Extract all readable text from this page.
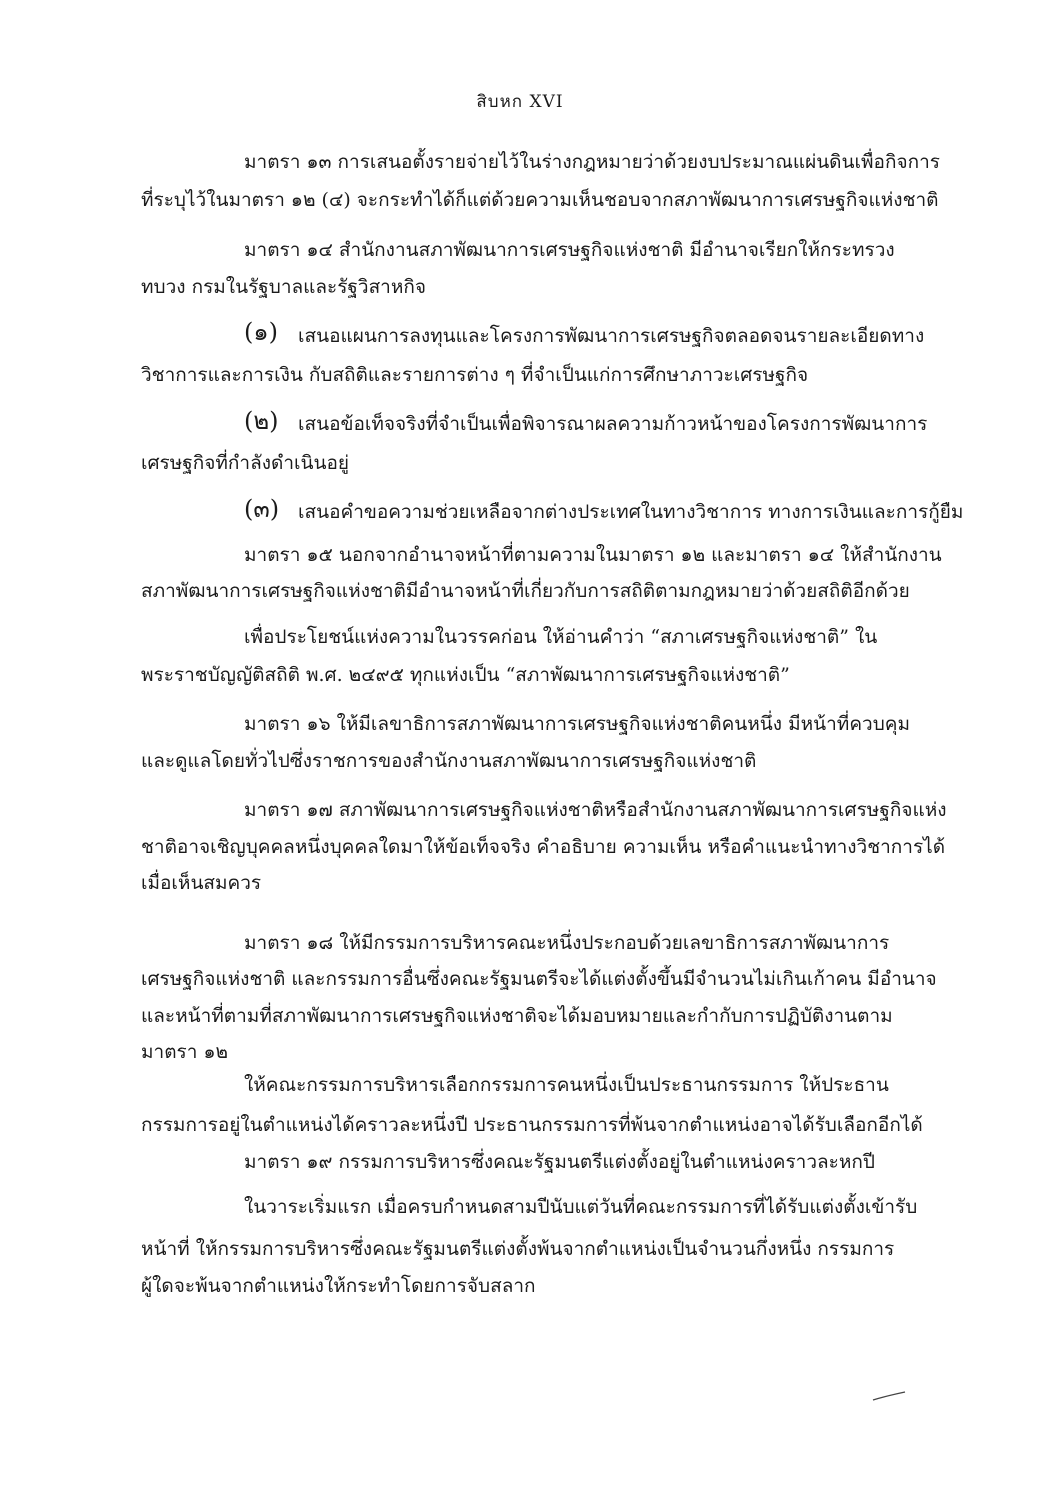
สิบหก XVI
มาตรา ๑๓ การเสนอตั้งรายจ่ายไว้ในร่างกฎหมายว่าด้วยงบประมาณแผ่นดินเพื่อกิจการ
ที่ระบุไว้ในมาตรา ๑๒ (๔) จะกระทำได้ก็แต่ด้วยความเห็นชอบจากสภาพัฒนาการเศรษฐกิจแห่งชาติ
มาตรา ๑๔ สำนักงานสภาพัฒนาการเศรษฐกิจแห่งชาติ มีอำนาจเรียกให้กระทรวง
ทบวง กรมในรัฐบาลและรัฐวิสาหกิจ
(๑) เสนอแผนการลงทุนและโครงการพัฒนาการเศรษฐกิจตลอดจนรายละเอียดทาง
วิชาการและการเงิน กับสถิติและรายการต่าง ๆ ที่จำเป็นแก่การศึกษาภาวะเศรษฐกิจ
(๒) เสนอข้อเท็จจริงที่จำเป็นเพื่อพิจารณาผลความก้าวหน้าของโครงการพัฒนาการ
เศรษฐกิจที่กำลังดำเนินอยู่
(๓) เสนอคำขอความช่วยเหลือจากต่างประเทศในทางวิชาการ ทางการเงินและการกู้ยืม
มาตรา ๑๕ นอกจากอำนาจหน้าที่ตามความในมาตรา ๑๒ และมาตรา ๑๔ ให้สำนักงาน
สภาพัฒนาการเศรษฐกิจแห่งชาติมีอำนาจหน้าที่เกี่ยวกับการสถิติตามกฎหมายว่าด้วยสถิติอีกด้วย
เพื่อประโยชน์แห่งความในวรรคก่อน ให้อ่านคำว่า “สภาเศรษฐกิจแห่งชาติ” ใน
พระราชบัญญัติสถิติ พ.ศ. ๒๔๙๕ ทุกแห่งเป็น “สภาพัฒนาการเศรษฐกิจแห่งชาติ”
มาตรา ๑๖ ให้มีเลขาธิการสภาพัฒนาการเศรษฐกิจแห่งชาติคนหนึ่ง มีหน้าที่ควบคุม
และดูแลโดยทั่วไปซึ่งราชการของสำนักงานสภาพัฒนาการเศรษฐกิจแห่งชาติ
มาตรา ๑๗ สภาพัฒนาการเศรษฐกิจแห่งชาติหรือสำนักงานสภาพัฒนาการเศรษฐกิจแห่ง
ชาติอาจเชิญบุคคลหนึ่งบุคคลใดมาให้ข้อเท็จจริง คำอธิบาย ความเห็น หรือคำแนะนำทางวิชาการได้
เมื่อเห็นสมควร
มาตรา ๑๘ ให้มีกรรมการบริหารคณะหนึ่งประกอบด้วยเลขาธิการสภาพัฒนาการ
เศรษฐกิจแห่งชาติ และกรรมการอื่นซึ่งคณะรัฐมนตรีจะได้แต่งตั้งขึ้นมีจำนวนไม่เกินเก้าคน มีอำนาจ
และหน้าที่ตามที่สภาพัฒนาการเศรษฐกิจแห่งชาติจะได้มอบหมายและกำกับการปฏิบัติงานตาม
มาตรา ๑๒
ให้คณะกรรมการบริหารเลือกกรรมการคนหนึ่งเป็นประธานกรรมการ ให้ประธาน
กรรมการอยู่ในตำแหน่งได้คราวละหนึ่งปี ประธานกรรมการที่พ้นจากตำแหน่งอาจได้รับเลือกอีกได้
มาตรา ๑๙ กรรมการบริหารซึ่งคณะรัฐมนตรีแต่งตั้งอยู่ในตำแหน่งคราวละหกปี
ในวาระเริ่มแรก เมื่อครบกำหนดสามปีนับแต่วันที่คณะกรรมการที่ได้รับแต่งตั้งเข้ารับ
หน้าที่ ให้กรรมการบริหารซึ่งคณะรัฐมนตรีแต่งตั้งพ้นจากตำแหน่งเป็นจำนวนกึ่งหนึ่ง กรรมการ
ผู้ใดจะพ้นจากตำแหน่งให้กระทำโดยการจับสลาก
